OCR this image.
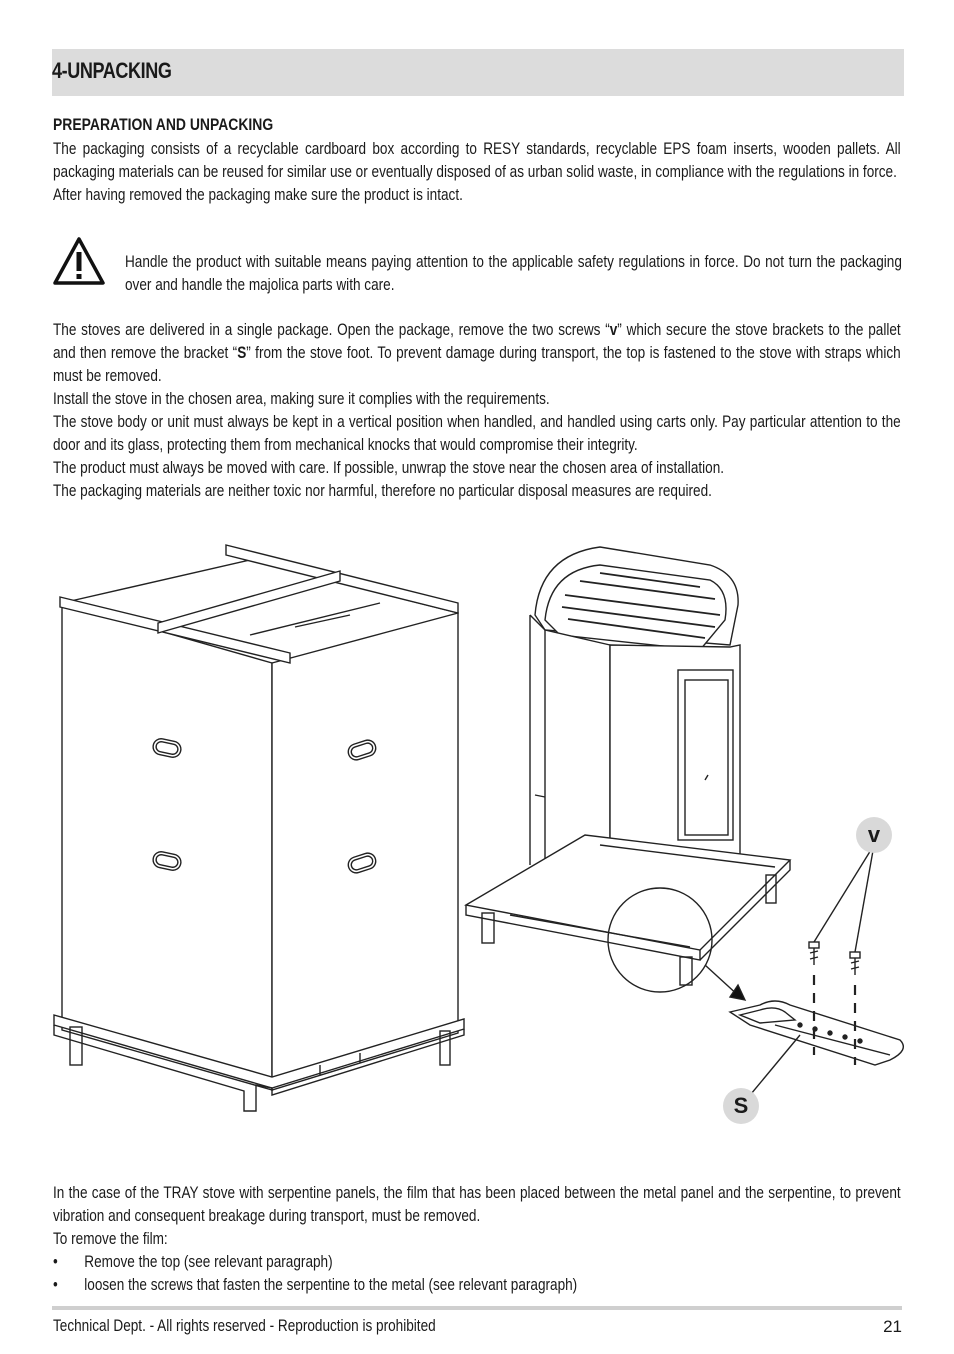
4-UNPACKING
PREPARATION AND UNPACKING

The packaging consists of a recyclable cardboard box according to RESY standards, recyclable EPS foam inserts, wooden pallets. All packaging materials can be reused for similar use or eventually disposed of as urban solid waste, in compliance with the regulations in force.

After having removed the packaging make sure the product is intact.

Handle the product with suitable means paying attention to the applicable safety regulations in force. Do not turn the packaging over and handle the majolica parts with care.

The stoves are delivered in a single package. Open the package, remove the two screws “v” which secure the stove brackets to the pallet and then remove the bracket “S” from the stove foot. To prevent damage during transport, the top is fastened to the stove with straps which must be removed.

Install the stove in the chosen area, making sure it complies with the requirements.

The stove body or unit must always be kept in a vertical position when handled, and handled using carts only. Pay particular attention to the door and its glass, protecting them from mechanical knocks that would compromise their integrity.

The product must always be moved with care. If possible, unwrap the stove near the chosen area of installation.

The packaging materials are neither toxic nor harmful, therefore no particular disposal measures are required.

v
S

In the case of the TRAY stove with serpentine panels, the film that has been placed between the metal panel and the serpentine, to prevent vibration and consequent breakage during transport, must be removed.

To remove the film:

•	Remove the top (see relevant paragraph)
•	loosen the screws that fasten the serpentine to the metal (see relevant paragraph)
Technical Dept. - All rights reserved - Reproduction is prohibited	21
